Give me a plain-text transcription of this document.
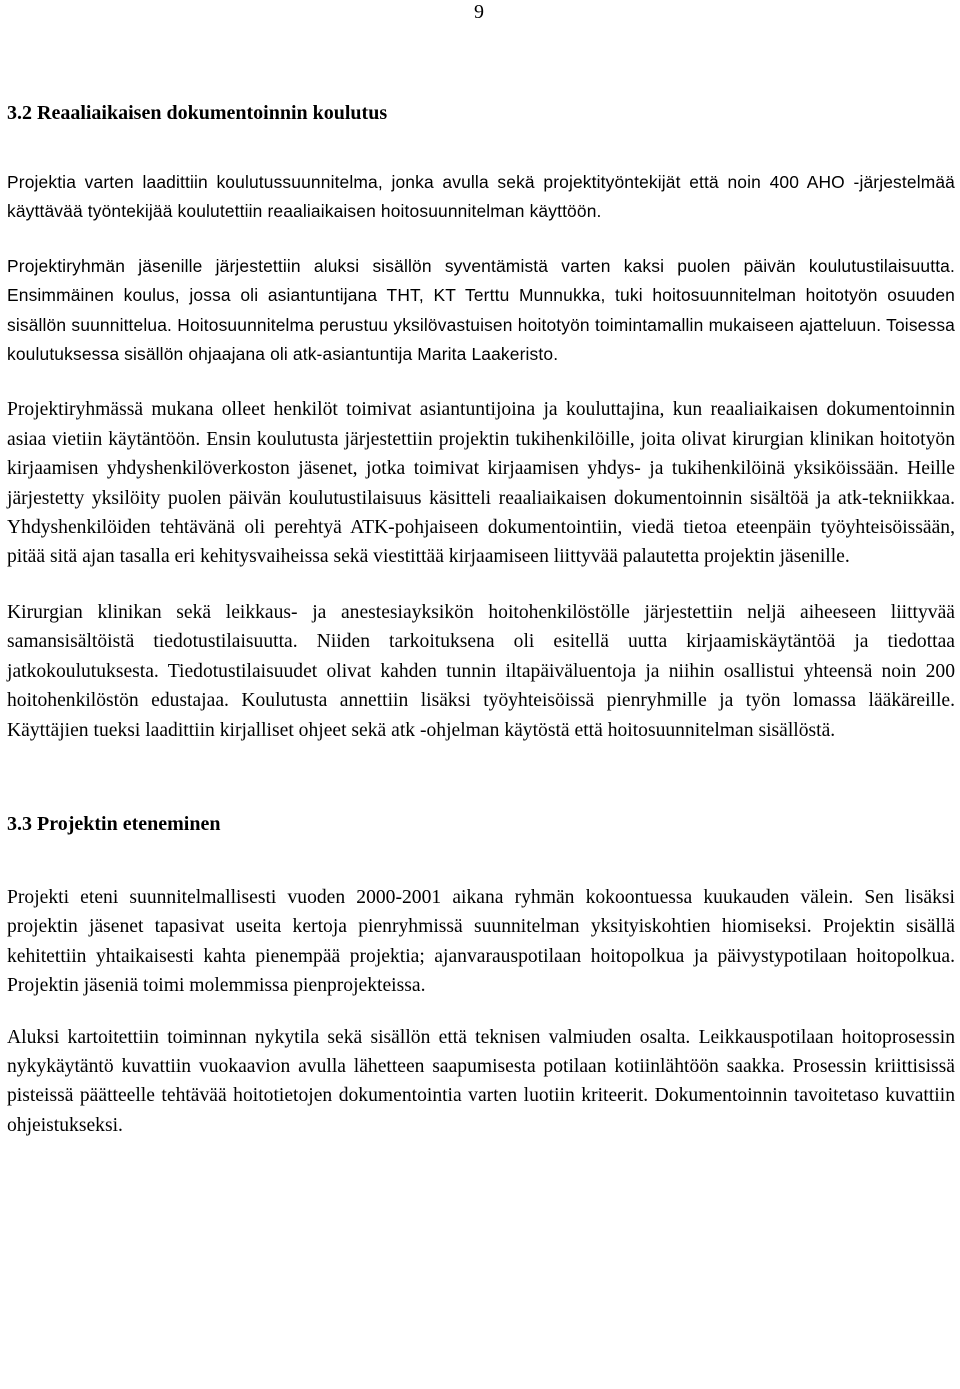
9
3.2 Reaaliaikaisen dokumentoinnin koulutus

Projektia varten laadittiin koulutussuunnitelma, jonka avulla sekä projektityöntekijät että noin 400 AHO -järjestelmää käyttävää työntekijää koulutettiin reaaliaikaisen hoitosuunnitelman käyttöön.

Projektiryhmän jäsenille järjestettiin aluksi sisällön syventämistä varten kaksi puolen päivän koulutustilaisuutta. Ensimmäinen koulus, jossa oli asiantuntijana THT, KT Terttu Munnukka, tuki hoitosuunnitelman hoitotyön osuuden sisällön suunnittelua. Hoitosuunnitelma perustuu yksilövastuisen hoitotyön toimintamallin mukaiseen ajatteluun. Toisessa koulutuksessa sisällön ohjaajana oli atk-asiantuntija Marita Laakeristo.

Projektiryhmässä mukana olleet henkilöt toimivat asiantuntijoina ja kouluttajina, kun reaaliaikaisen dokumentoinnin asiaa vietiin käytäntöön. Ensin koulutusta järjestettiin projektin tukihenkilöille, joita olivat kirurgian klinikan hoitotyön kirjaamisen yhdyshenkilöverkoston jäsenet, jotka toimivat kirjaamisen yhdys- ja tukihenkilöinä yksiköissään. Heille järjestetty yksilöity puolen päivän koulutustilaisuus käsitteli reaaliaikaisen dokumentoinnin sisältöä ja atk-tekniikkaa. Yhdyshenkilöiden tehtävänä oli perehtyä ATK-pohjaiseen dokumentointiin, viedä tietoa eteenpäin työyhteisöissään, pitää sitä ajan tasalla eri kehitysvaiheissa sekä viestittää kirjaamiseen liittyvää palautetta projektin jäsenille.

Kirurgian klinikan sekä leikkaus- ja anestesiayksikön hoitohenkilöstölle järjestettiin neljä aiheeseen liittyvää samansisältöistä tiedotustilaisuutta. Niiden tarkoituksena oli esitellä uutta kirjaamiskäytäntöä ja tiedottaa jatkokoulutuksesta. Tiedotustilaisuudet olivat kahden tunnin iltapäiväluentoja ja niihin osallistui yhteensä noin 200 hoitohenkilöstön edustajaa. Koulutusta annettiin lisäksi työyhteisöissä pienryhmille ja työn lomassa lääkäreille. Käyttäjien tueksi laadittiin kirjalliset ohjeet sekä atk -ohjelman käytöstä että hoitosuunnitelman sisällöstä.

3.3 Projektin eteneminen

Projekti eteni suunnitelmallisesti vuoden 2000-2001 aikana ryhmän kokoontuessa kuukauden välein. Sen lisäksi projektin jäsenet tapasivat useita kertoja pienryhmissä suunnitelman yksityiskohtien hiomiseksi. Projektin sisällä kehitettiin yhtaikaisesti kahta pienempää projektia; ajanvarauspotilaan hoitopolkua ja päivystypotilaan hoitopolkua. Projektin jäseniä toimi molemmissa pienprojekteissa.

Aluksi kartoitettiin toiminnan nykytila sekä sisällön että teknisen valmiuden osalta. Leikkauspotilaan hoitoprosessin nykykäytäntö kuvattiin vuokaavion avulla lähetteen saapumisesta potilaan kotiinlähtöön saakka. Prosessin kriittisissä pisteissä päätteelle tehtävää hoitotietojen dokumentointia varten luotiin kriteerit. Dokumentoinnin tavoitetaso kuvattiin ohjeistukseksi.
